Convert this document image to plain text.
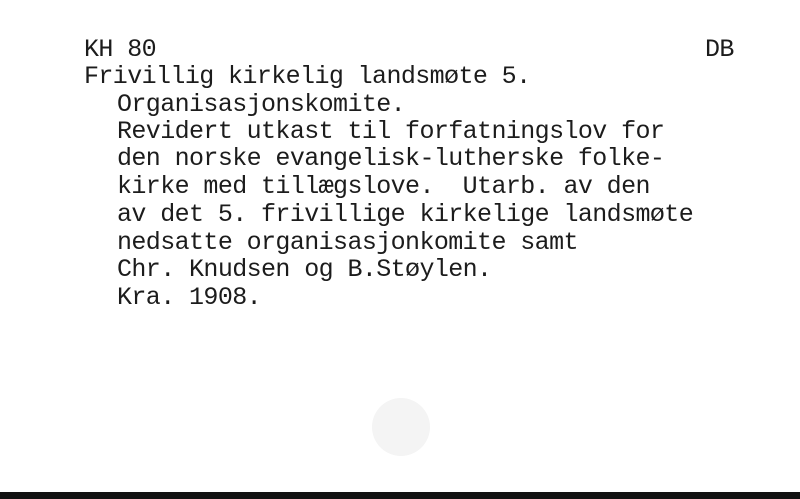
KH 80	DB
Frivillig kirkelig landsmøte 5.
Organisasjonskomite.
Revidert utkast til forfatningslov for
den norske evangelisk-lutherske folke-
kirke med tillægslove.  Utarb. av den
av det 5. frivillige kirkelige landsmøte
nedsatte organisasjonkomite samt
Chr. Knudsen og B.Støylen.
Kra. 1908.
